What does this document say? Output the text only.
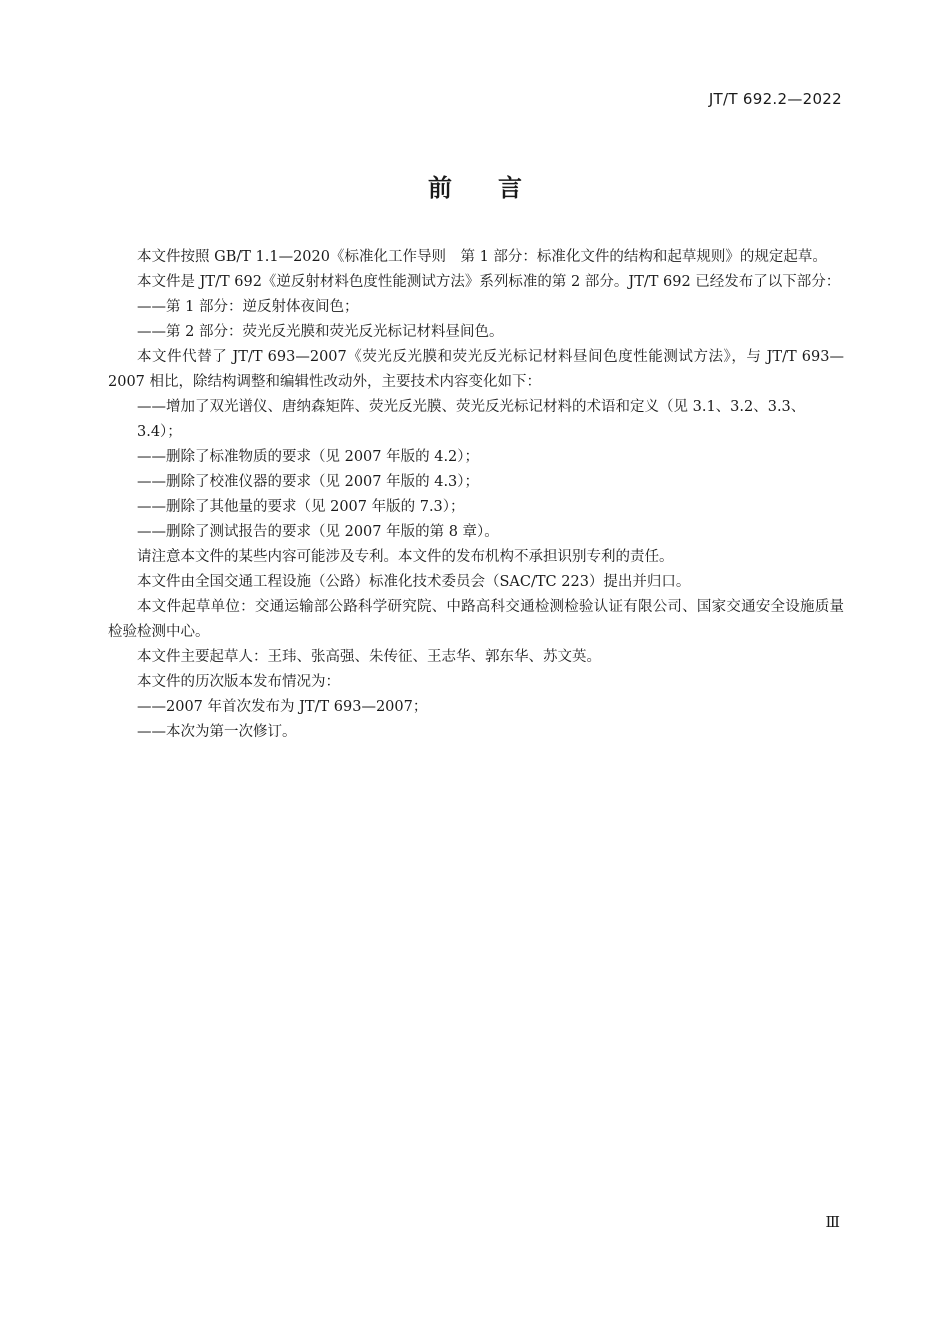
JT/T 692.2—2022
前言

本文件按照 GB/T 1.1—2020《标准化工作导则　第 1 部分：标准化文件的结构和起草规则》的规定起草。

本文件是 JT/T 692《逆反射材料色度性能测试方法》系列标准的第 2 部分。JT/T 692 已经发布了以下部分：

——第 1 部分：逆反射体夜间色；

——第 2 部分：荧光反光膜和荧光反光标记材料昼间色。

本文件代替了 JT/T 693—2007《荧光反光膜和荧光反光标记材料昼间色度性能测试方法》，与 JT/T 693—2007 相比，除结构调整和编辑性改动外，主要技术内容变化如下：

——增加了双光谱仪、唐纳森矩阵、荧光反光膜、荧光反光标记材料的术语和定义（见 3.1、3.2、3.3、3.4）；

——删除了标准物质的要求（见 2007 年版的 4.2）；

——删除了校准仪器的要求（见 2007 年版的 4.3）；

——删除了其他量的要求（见 2007 年版的 7.3）；

——删除了测试报告的要求（见 2007 年版的第 8 章）。

请注意本文件的某些内容可能涉及专利。本文件的发布机构不承担识别专利的责任。

本文件由全国交通工程设施（公路）标准化技术委员会（SAC/TC 223）提出并归口。

本文件起草单位：交通运输部公路科学研究院、中路高科交通检测检验认证有限公司、国家交通安全设施质量检验检测中心。

本文件主要起草人：王玮、张高强、朱传征、王志华、郭东华、苏文英。

本文件的历次版本发布情况为：

——2007 年首次发布为 JT/T 693—2007；

——本次为第一次修订。

Ⅲ
